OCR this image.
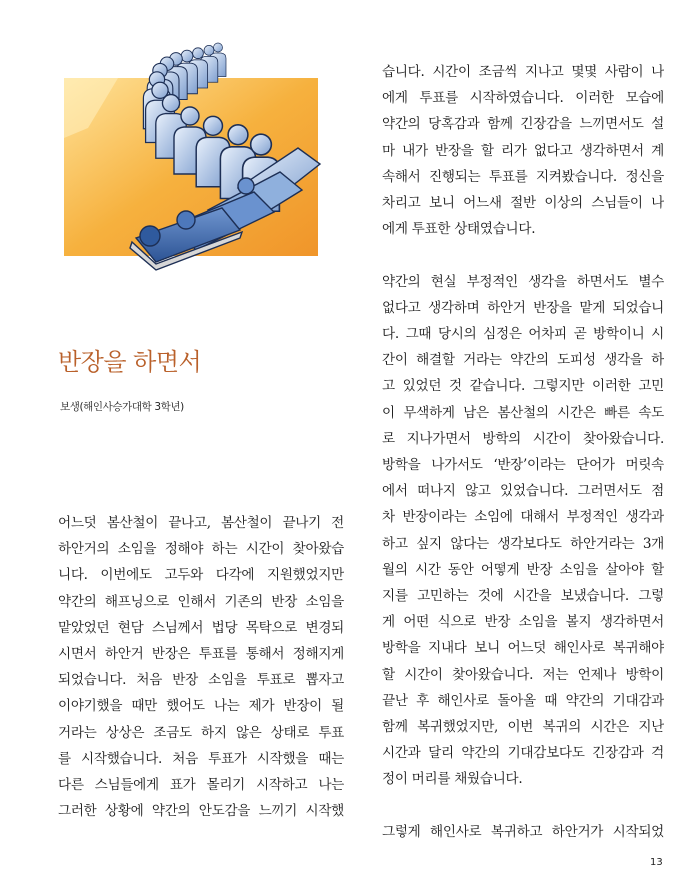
반장을 하면서
보생(해인사승가대학 3학년)

어느덧 봄산철이 끝나고, 봄산철이 끝나기 전
하안거의 소임을 정해야 하는 시간이 찾아왔습
니다. 이번에도 고두와 다각에 지원했었지만
약간의 해프닝으로 인해서 기존의 반장 소임을
맡았었던 현담 스님께서 법당 목탁으로 변경되
시면서 하안거 반장은 투표를 통해서 정해지게
되었습니다. 처음 반장 소임을 투표로 뽑자고
이야기했을 때만 했어도 나는 제가 반장이 될
거라는 상상은 조금도 하지 않은 상태로 투표
를 시작했습니다. 처음 투표가 시작했을 때는
다른 스님들에게 표가 몰리기 시작하고 나는
그러한 상황에 약간의 안도감을 느끼기 시작했

습니다. 시간이 조금씩 지나고 몇몇 사람이 나
에게 투표를 시작하였습니다. 이러한 모습에
약간의 당혹감과 함께 긴장감을 느끼면서도 설
마 내가 반장을 할 리가 없다고 생각하면서 계
속해서 진행되는 투표를 지켜봤습니다. 정신을
차리고 보니 어느새 절반 이상의 스님들이 나
에게 투표한 상태였습니다.

약간의 현실 부정적인 생각을 하면서도 별수
없다고 생각하며 하안거 반장을 맡게 되었습니
다. 그때 당시의 심정은 어차피 곧 방학이니 시
간이 해결할 거라는 약간의 도피성 생각을 하
고 있었던 것 같습니다. 그렇지만 이러한 고민
이 무색하게 남은 봄산철의 시간은 빠른 속도
로 지나가면서 방학의 시간이 찾아왔습니다.
방학을 나가서도 ‘반장’이라는 단어가 머릿속
에서 떠나지 않고 있었습니다. 그러면서도 점
차 반장이라는 소임에 대해서 부정적인 생각과
하고 싶지 않다는 생각보다도 하안거라는 3개
월의 시간 동안 어떻게 반장 소임을 살아야 할
지를 고민하는 것에 시간을 보냈습니다. 그렇
게 어떤 식으로 반장 소임을 볼지 생각하면서
방학을 지내다 보니 어느덧 해인사로 복귀해야
할 시간이 찾아왔습니다. 저는 언제나 방학이
끝난 후 해인사로 돌아올 때 약간의 기대감과
함께 복귀했었지만, 이번 복귀의 시간은 지난
시간과 달리 약간의 기대감보다도 긴장감과 걱
정이 머리를 채웠습니다.

그렇게 해인사로 복귀하고 하안거가 시작되었

13
